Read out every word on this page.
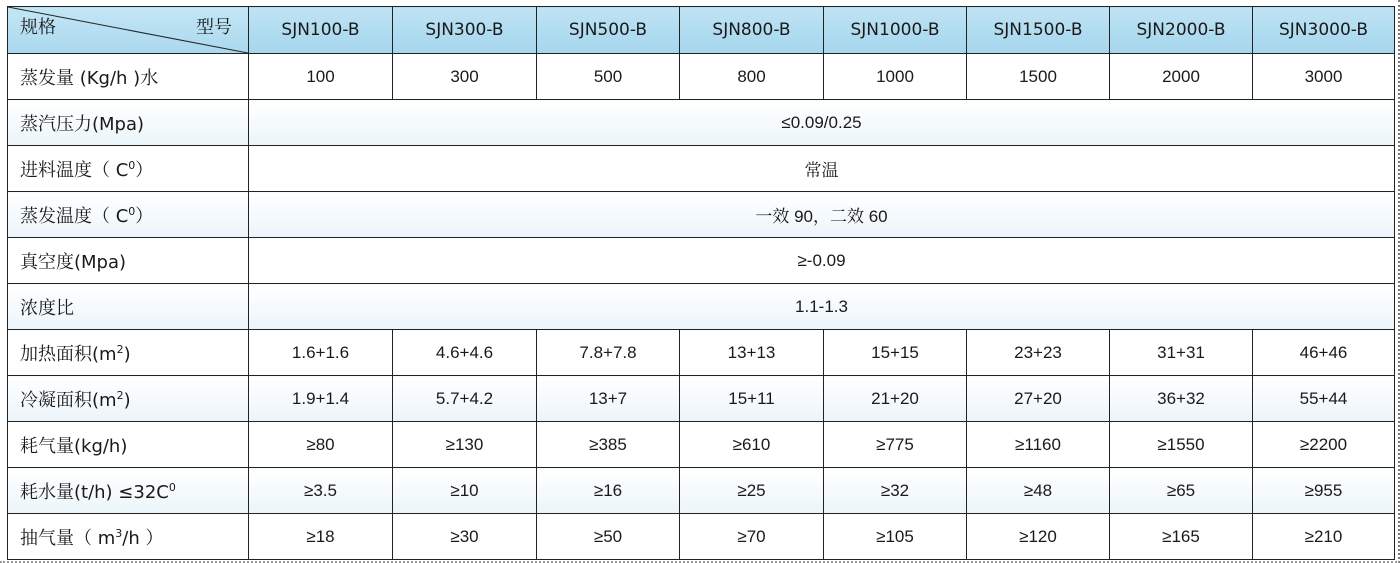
规格 型号	SJN100-B	SJN300-B	SJN500-B	SJN800-B	SJN1000-B	SJN1500-B	SJN2000-B	SJN3000-B
蒸发量 (Kg/h )水	100	300	500	800	1000	1500	2000	3000
蒸汽压力(Mpa)	≤0.09/0.25							
进料温度（ $C^0$）	常温							
蒸发温度（ $C^0$）	一效 90，二效 60							
真空度(Mpa)	≥-0.09							
浓度比	1.1-1.3							
加热面积$(m^2)$	1.6+1.6	4.6+4.6	7.8+7.8	13+13	15+15	23+23	31+31	46+46
冷凝面积$(m^2)$	1.9+1.4	5.7+4.2	13+7	15+11	21+20	27+20	36+32	55+44
耗气量(kg/h)	≥80	≥130	≥385	≥610	≥775	≥1160	≥1550	≥2200
耗水量$(t/h) \le 32C^0$	≥3.5	≥10	≥16	≥25	≥32	≥48	≥65	≥955
抽气量（ $m^3/h$ ）	≥18	≥30	≥50	≥70	≥105	≥120	≥165	≥210
